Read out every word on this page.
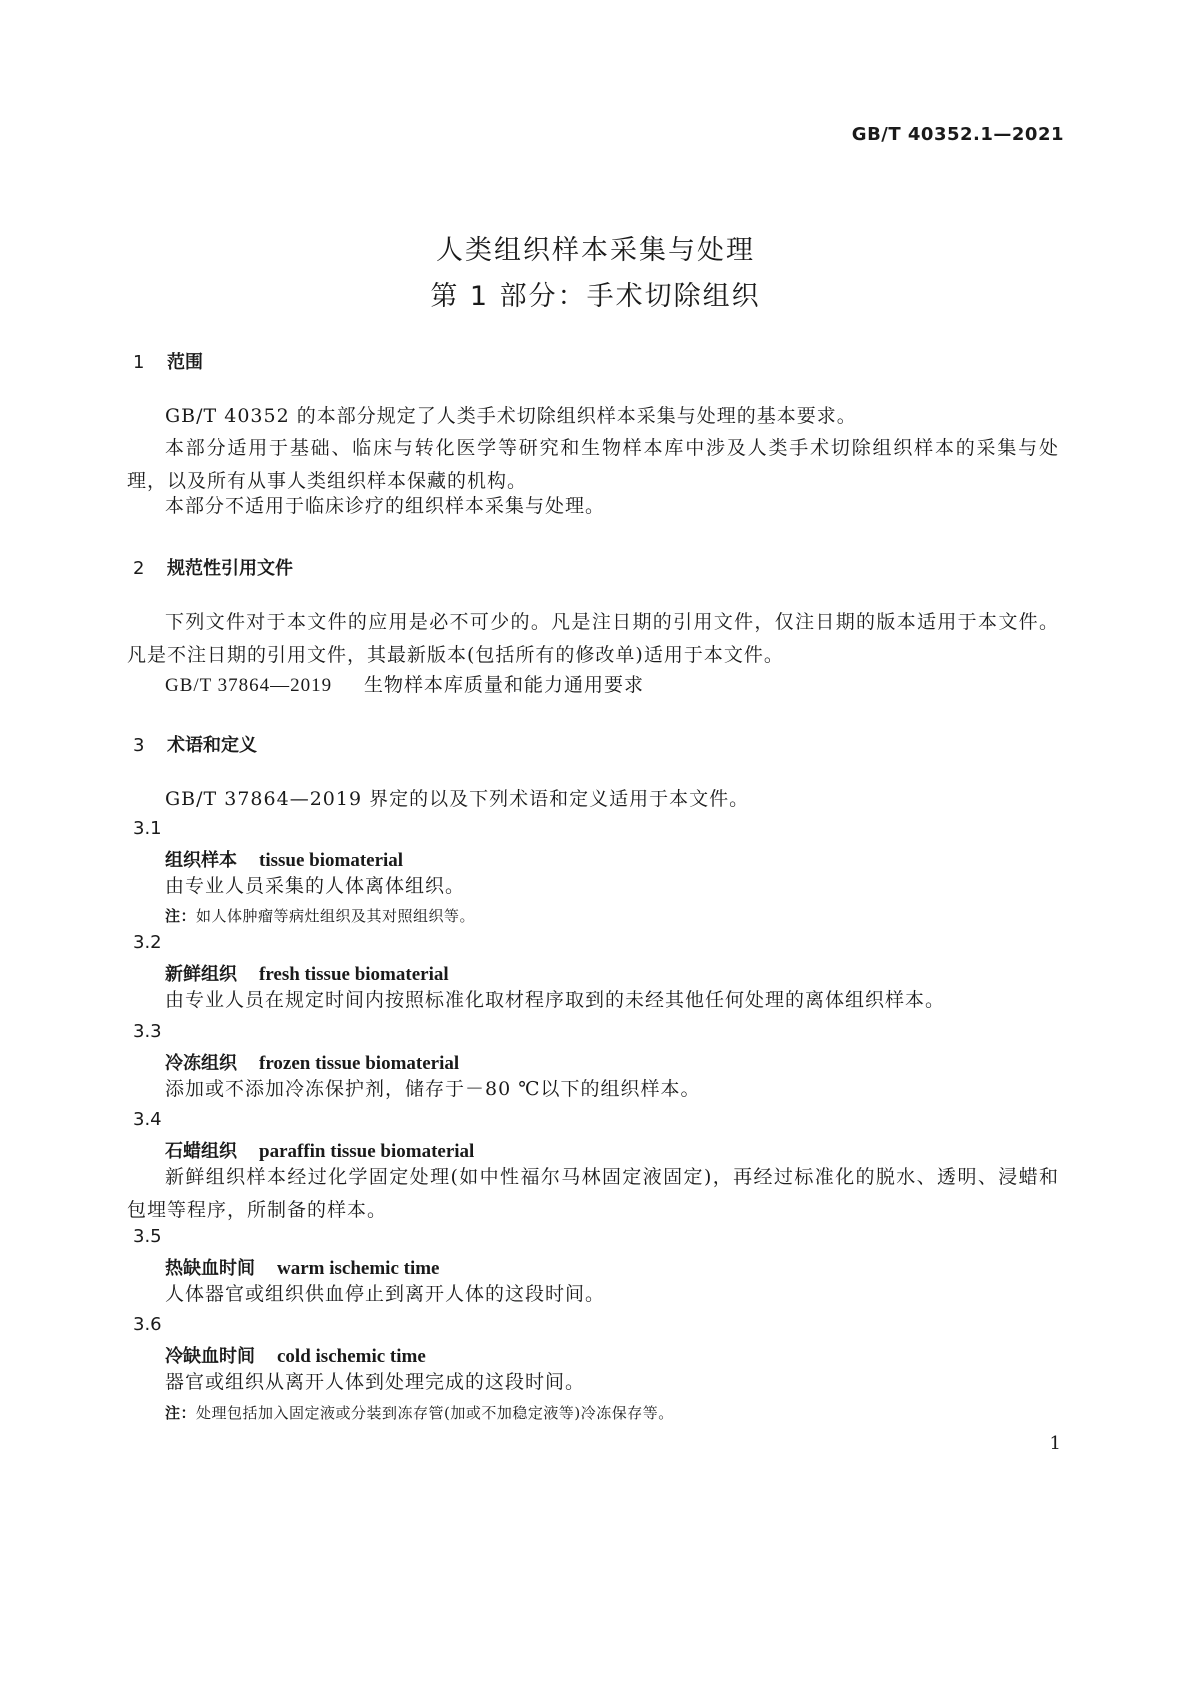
GB/T 40352.1—2021
人类组织样本采集与处理
第 1 部分：手术切除组织
1 范围
GB/T 40352 的本部分规定了人类手术切除组织样本采集与处理的基本要求。
本部分适用于基础、临床与转化医学等研究和生物样本库中涉及人类手术切除组织样本的采集与处理，以及所有从事人类组织样本保藏的机构。
本部分不适用于临床诊疗的组织样本采集与处理。
2 规范性引用文件
下列文件对于本文件的应用是必不可少的。凡是注日期的引用文件，仅注日期的版本适用于本文件。凡是不注日期的引用文件，其最新版本(包括所有的修改单)适用于本文件。
GB/T 37864—2019 生物样本库质量和能力通用要求
3 术语和定义
GB/T 37864—2019 界定的以及下列术语和定义适用于本文件。
3.1
组织样本 tissue biomaterial
由专业人员采集的人体离体组织。
注：如人体肿瘤等病灶组织及其对照组织等。
3.2
新鲜组织 fresh tissue biomaterial
由专业人员在规定时间内按照标准化取材程序取到的未经其他任何处理的离体组织样本。
3.3
冷冻组织 frozen tissue biomaterial
添加或不添加冷冻保护剂，储存于－80 ℃以下的组织样本。
3.4
石蜡组织 paraffin tissue biomaterial
新鲜组织样本经过化学固定处理(如中性福尔马林固定液固定)，再经过标准化的脱水、透明、浸蜡和包埋等程序，所制备的样本。
3.5
热缺血时间 warm ischemic time
人体器官或组织供血停止到离开人体的这段时间。
3.6
冷缺血时间 cold ischemic time
器官或组织从离开人体到处理完成的这段时间。
注：处理包括加入固定液或分装到冻存管(加或不加稳定液等)冷冻保存等。
1
